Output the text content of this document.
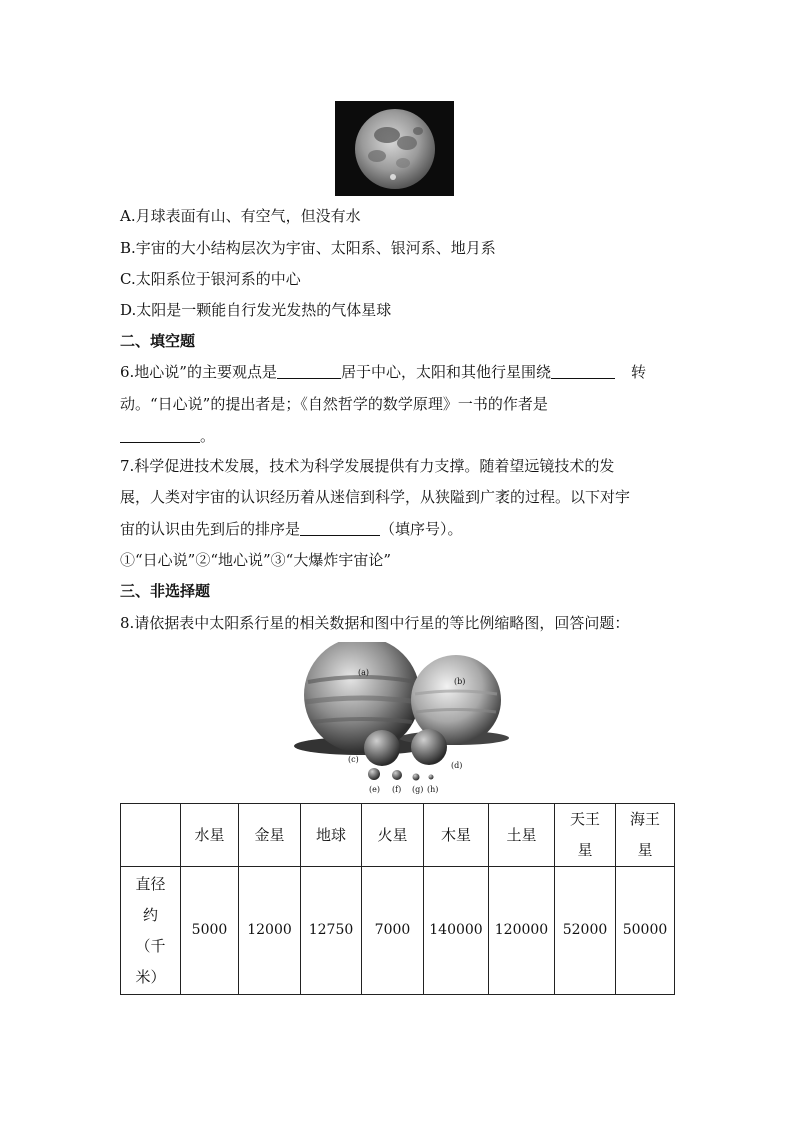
A.月球表面有山、有空气，但没有水
B.宇宙的大小结构层次为宇宙、太阳系、银河系、地月系
C.太阳系位于银河系的中心
D.太阳是一颗能自行发光发热的气体星球
二、填空题
6.地心说”的主要观点是	居于中心，太阳和其他行星围绕	转
动。“日心说”的提出者是；《自然哲学的数学原理》一书的作者是
。
7.科学促进技术发展，技术为科学发展提供有力支撑。随着望远镜技术的发
展，人类对宇宙的认识经历着从迷信到科学，从狭隘到广袤的过程。以下对宇
宙的认识由先到后的排序是	（填序号）。
①“日心说”②“地心说”③“大爆炸宇宙论”
三、非选择题
8.请依据表中太阳系行星的相关数据和图中行星的等比例缩略图，回答问题：
(a)
(b)
(c)
(d)
(e) (f) (g) (h)
	水星	金星	地球	火星	木星	土星	天王
星	海王
星
直径
约
（千
米）	5000	12000	12750	7000	140000	120000	52000	50000
